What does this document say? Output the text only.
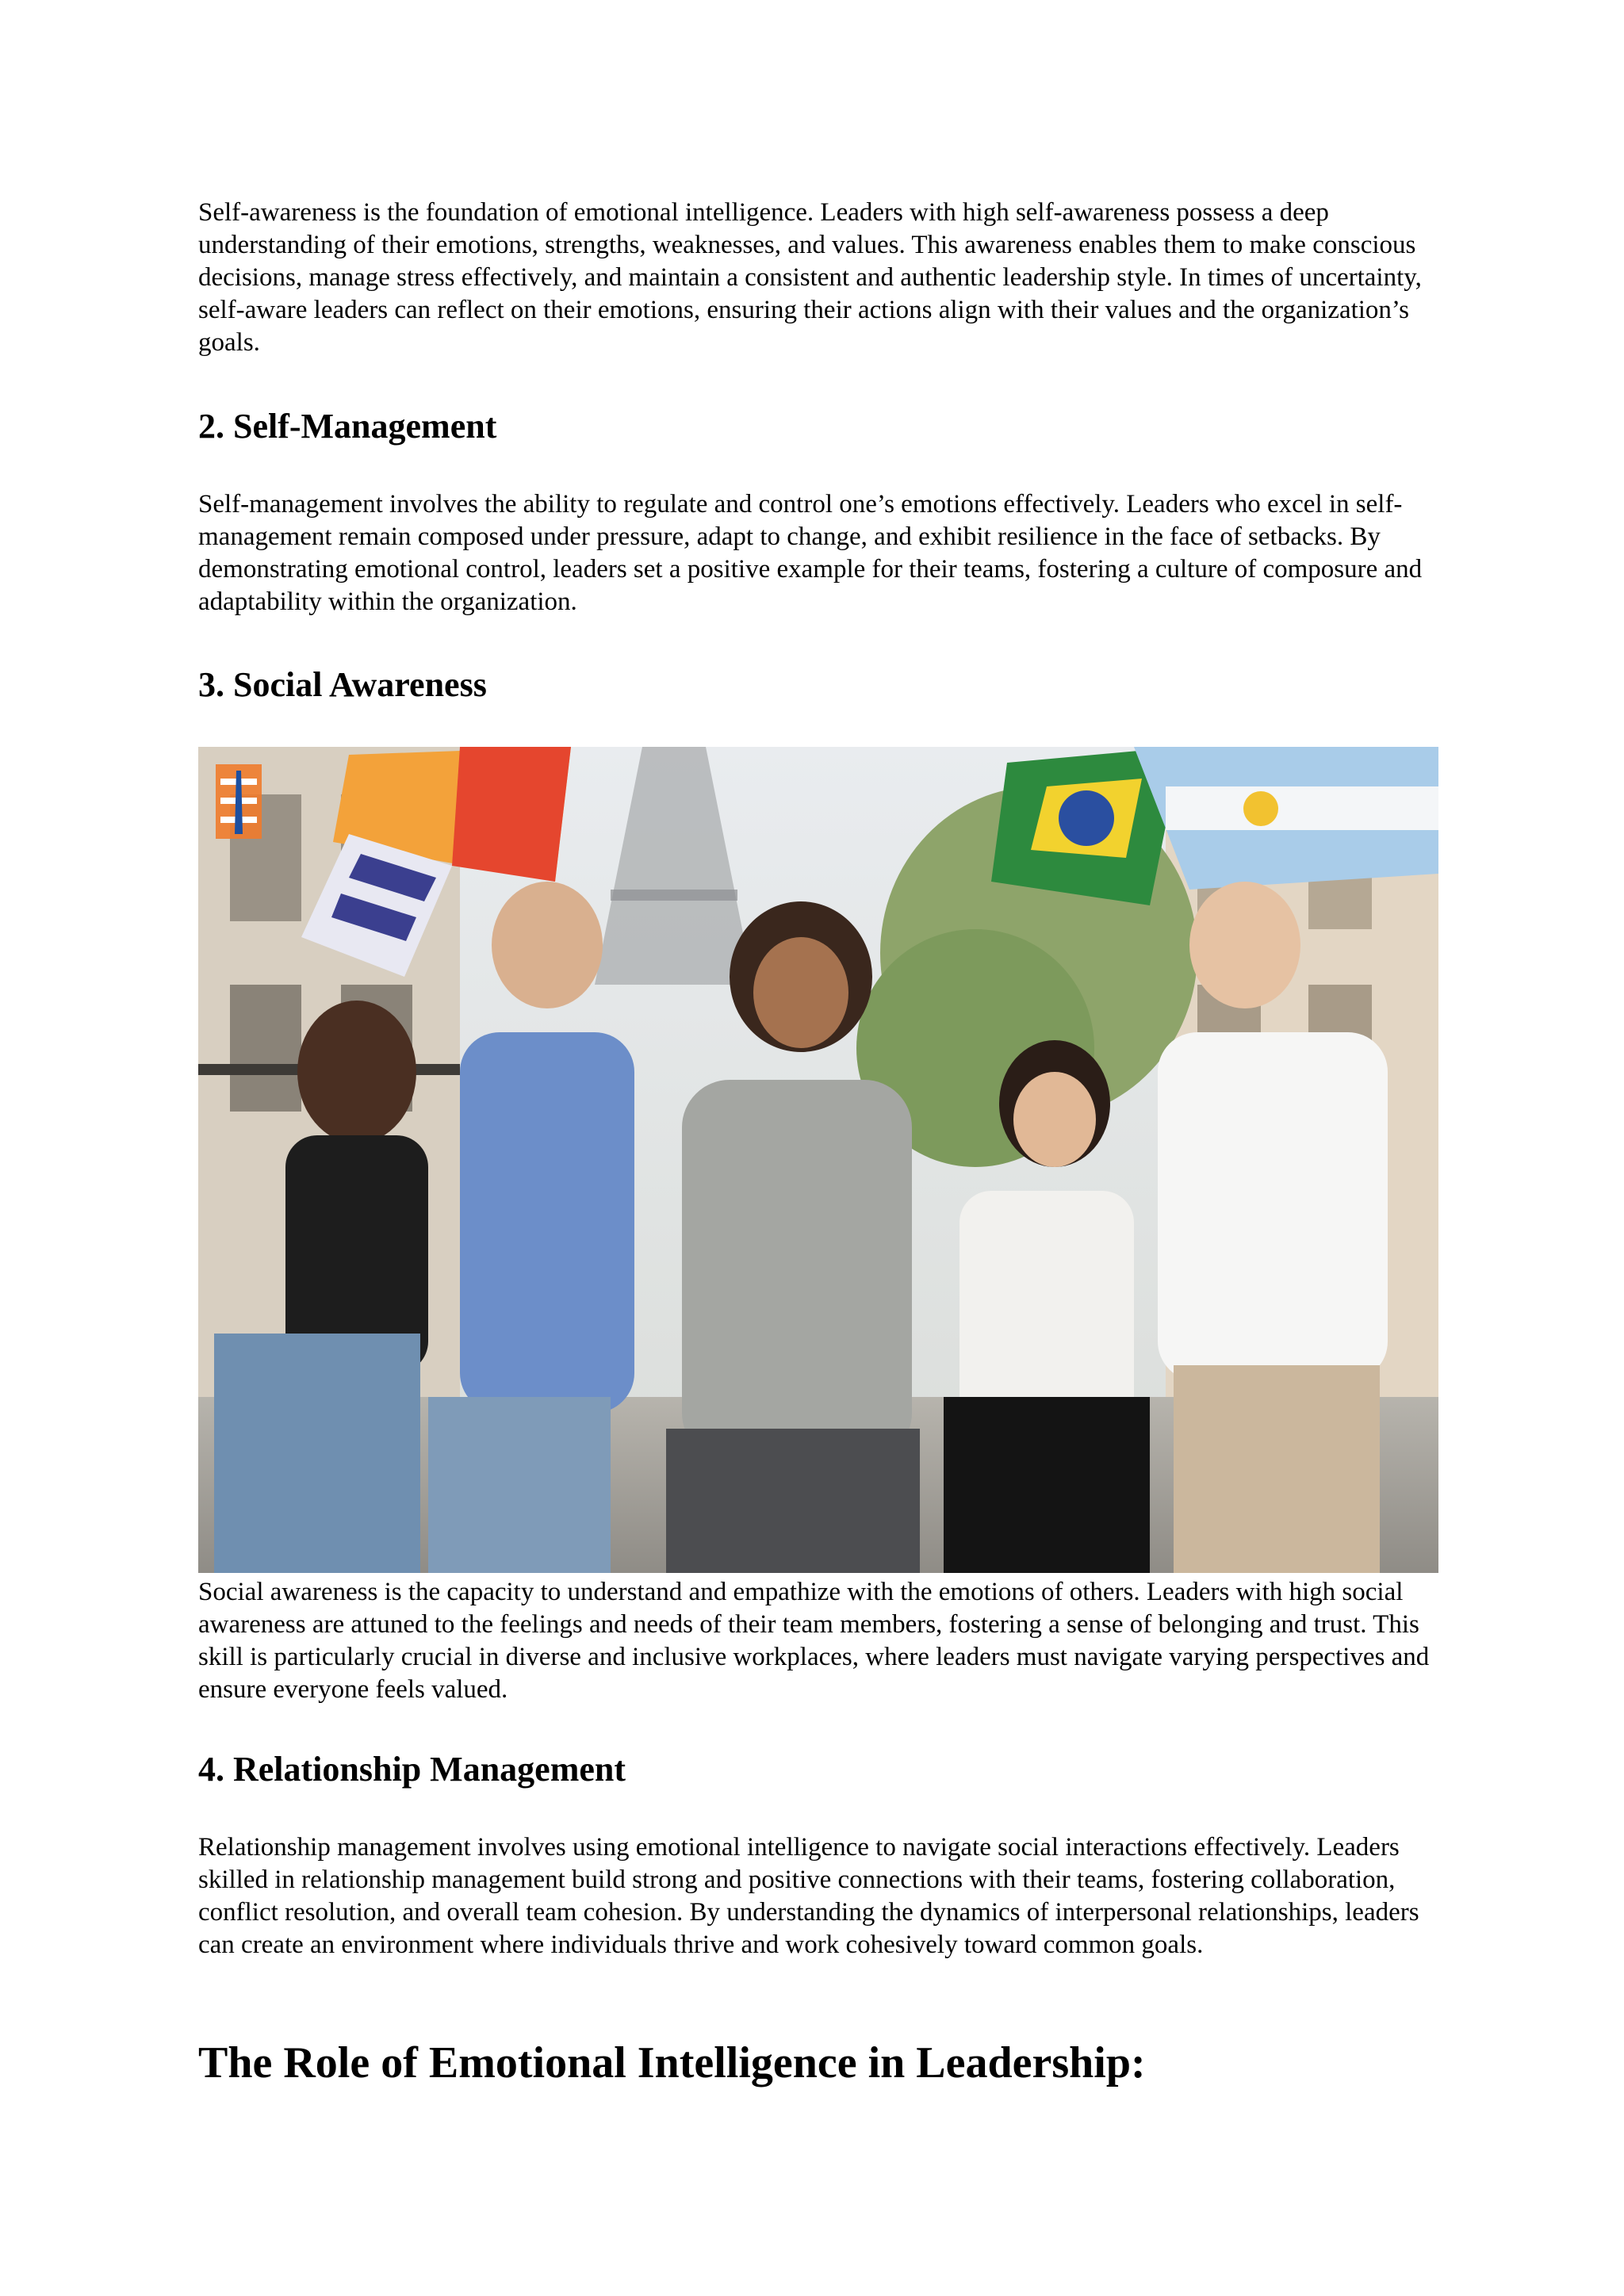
Self-awareness is the foundation of emotional intelligence. Leaders with high self-awareness possess a deep understanding of their emotions, strengths, weaknesses, and values. This awareness enables them to make conscious decisions, manage stress effectively, and maintain a consistent and authentic leadership style. In times of uncertainty, self-aware leaders can reflect on their emotions, ensuring their actions align with their values and the organization’s goals.

2. Self-Management

Self-management involves the ability to regulate and control one’s emotions effectively. Leaders who excel in self-management remain composed under pressure, adapt to change, and exhibit resilience in the face of setbacks. By demonstrating emotional control, leaders set a positive example for their teams, fostering a culture of composure and adaptability within the organization.

3. Social Awareness

Social awareness is the capacity to understand and empathize with the emotions of others. Leaders with high social awareness are attuned to the feelings and needs of their team members, fostering a sense of belonging and trust. This skill is particularly crucial in diverse and inclusive workplaces, where leaders must navigate varying perspectives and ensure everyone feels valued.

4. Relationship Management

Relationship management involves using emotional intelligence to navigate social interactions effectively. Leaders skilled in relationship management build strong and positive connections with their teams, fostering collaboration, conflict resolution, and overall team cohesion. By understanding the dynamics of interpersonal relationships, leaders can create an environment where individuals thrive and work cohesively toward common goals.

The Role of Emotional Intelligence in Leadership:
